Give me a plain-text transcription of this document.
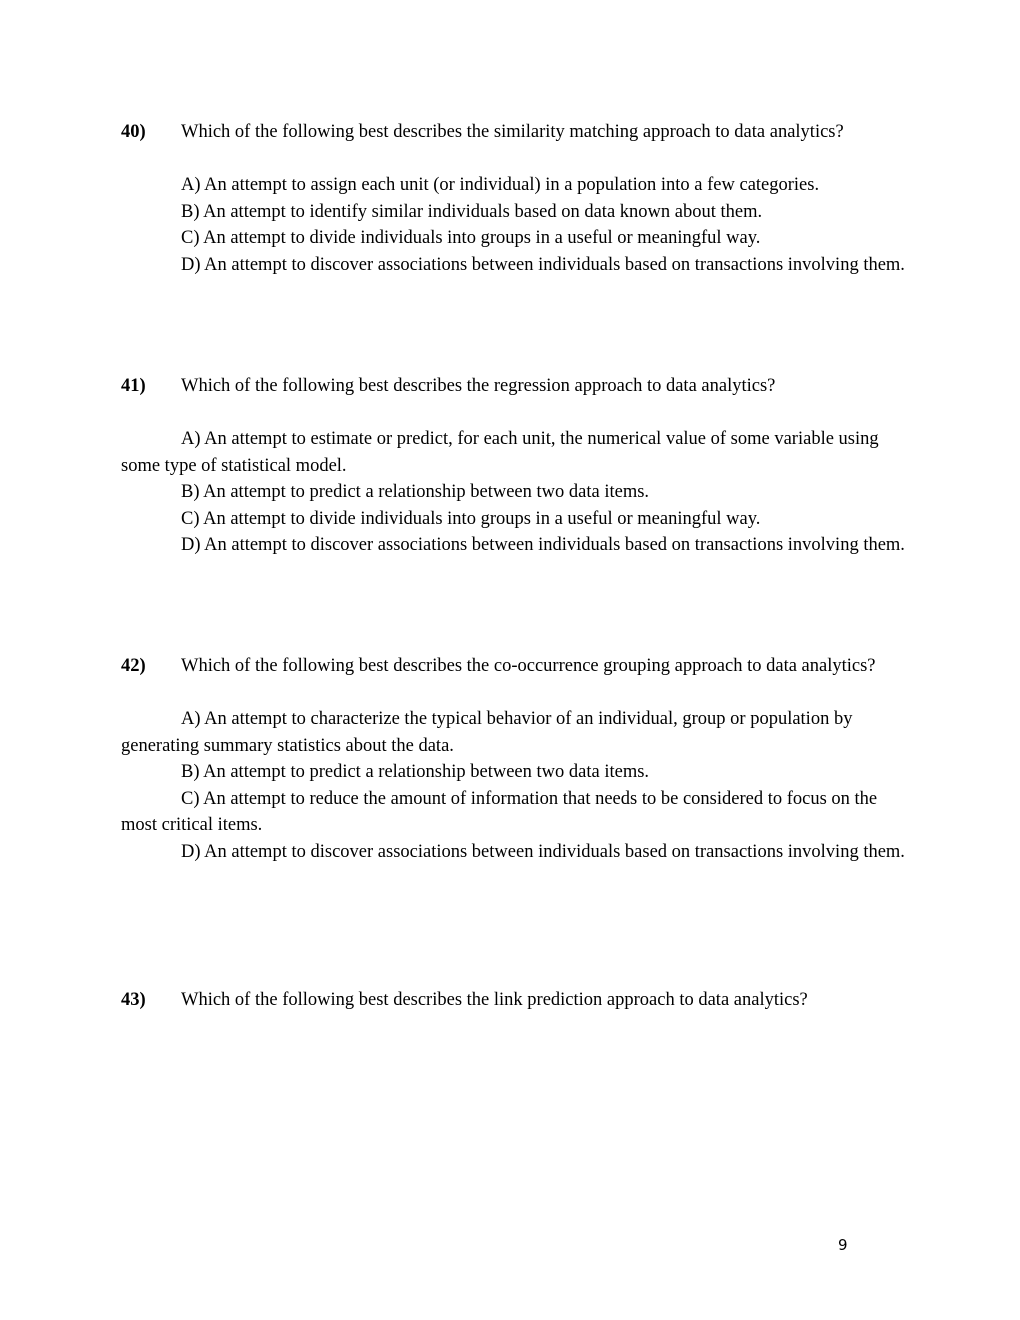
40) Which of the following best describes the similarity matching approach to data analytics?

A) An attempt to assign each unit (or individual) in a population into a few categories.

B) An attempt to identify similar individuals based on data known about them.

C) An attempt to divide individuals into groups in a useful or meaningful way.

D) An attempt to discover associations between individuals based on transactions involving them.

41) Which of the following best describes the regression approach to data analytics?

A) An attempt to estimate or predict, for each unit, the numerical value of some variable using some type of statistical model.

B) An attempt to predict a relationship between two data items.

C) An attempt to divide individuals into groups in a useful or meaningful way.

D) An attempt to discover associations between individuals based on transactions involving them.

42) Which of the following best describes the co-occurrence grouping approach to data analytics?

A) An attempt to characterize the typical behavior of an individual, group or population by generating summary statistics about the data.

B) An attempt to predict a relationship between two data items.

C) An attempt to reduce the amount of information that needs to be considered to focus on the most critical items.

D) An attempt to discover associations between individuals based on transactions involving them.

43) Which of the following best describes the link prediction approach to data analytics?

9
